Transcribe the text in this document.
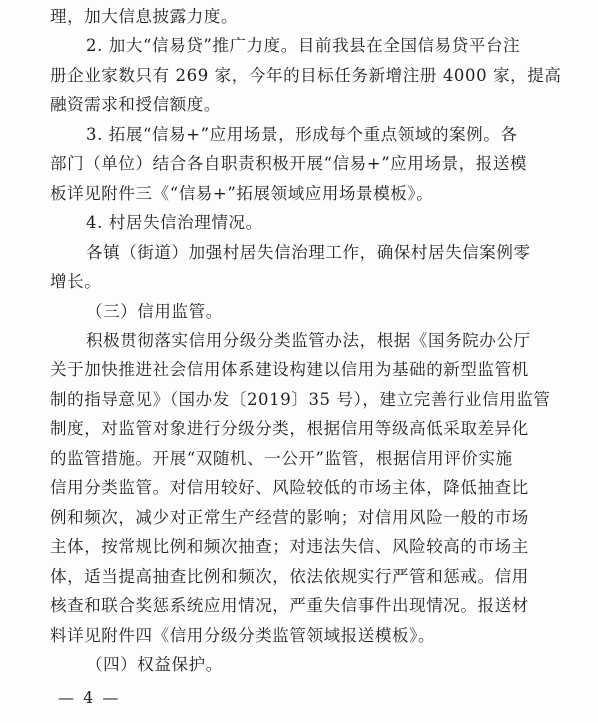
理，加大信息披露力度。
2. 加大“信易贷”推广力度。目前我县在全国信易贷平台注
册企业家数只有 269 家，今年的目标任务新增注册 4000 家，提高
融资需求和授信额度。
3. 拓展“信易+”应用场景，形成每个重点领域的案例。各
部门（单位）结合各自职责积极开展“信易+”应用场景，报送模
板详见附件三《“信易+”拓展领域应用场景模板》。
4. 村居失信治理情况。
各镇（街道）加强村居失信治理工作，确保村居失信案例零
增长。
（三）信用监管。
积极贯彻落实信用分级分类监管办法，根据《国务院办公厅
关于加快推进社会信用体系建设构建以信用为基础的新型监管机
制的指导意见》（国办发〔2019〕35 号），建立完善行业信用监管
制度，对监管对象进行分级分类，根据信用等级高低采取差异化
的监管措施。开展“双随机、一公开”监管，根据信用评价实施
信用分类监管。对信用较好、风险较低的市场主体，降低抽查比
例和频次，减少对正常生产经营的影响；对信用风险一般的市场
主体，按常规比例和频次抽查；对违法失信、风险较高的市场主
体，适当提高抽查比例和频次，依法依规实行严管和惩戒。信用
核查和联合奖惩系统应用情况，严重失信事件出现情况。报送材
料详见附件四《信用分级分类监管领域报送模板》。
（四）权益保护。
— 4 —
